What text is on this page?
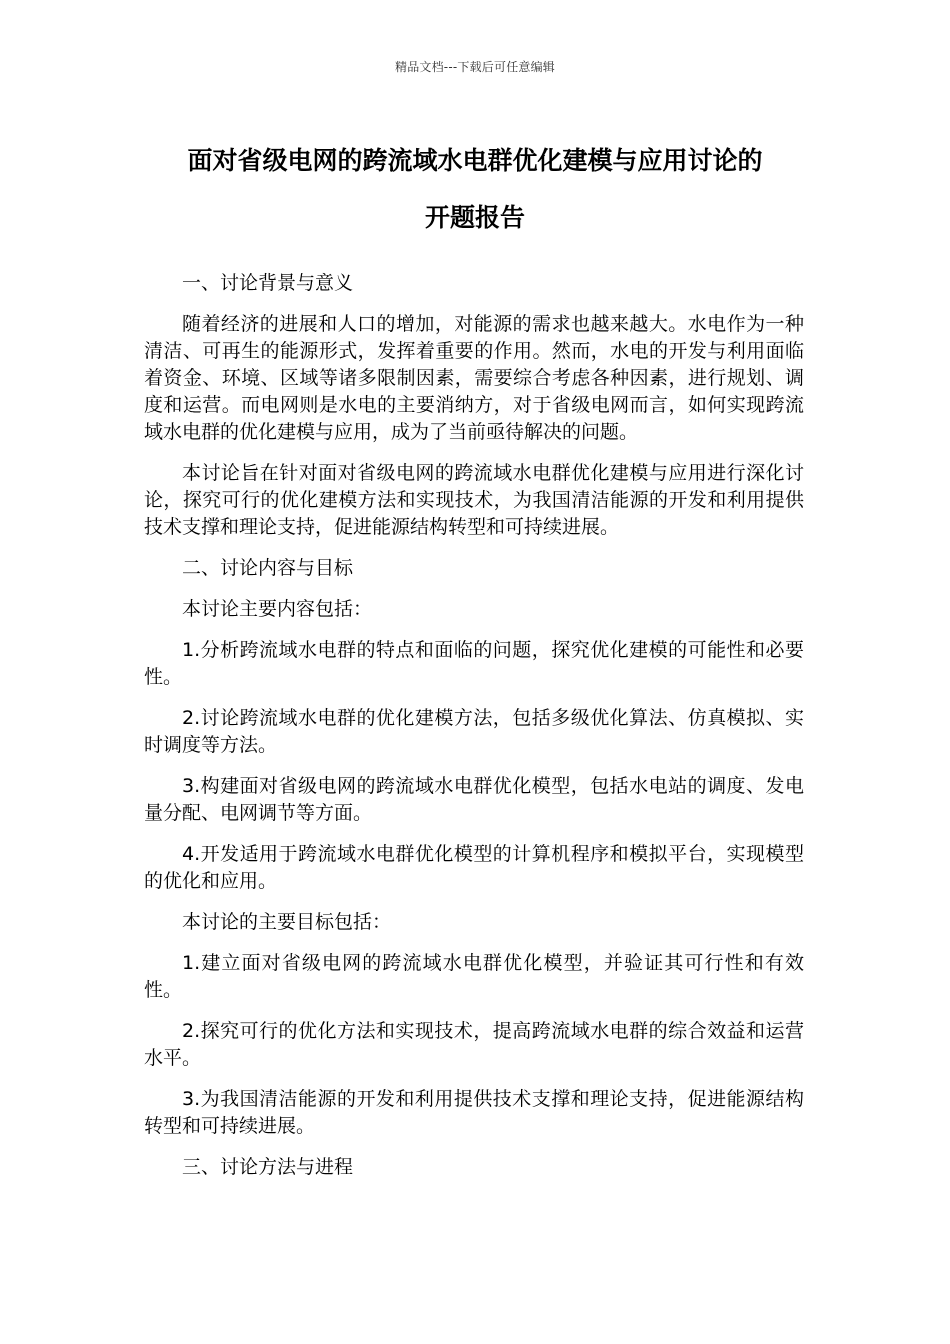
精品文档---下载后可任意编辑
面对省级电网的跨流域水电群优化建模与应用讨论的
开题报告

一、讨论背景与意义

随着经济的进展和人口的增加，对能源的需求也越来越大。水电作为一种清洁、可再生的能源形式，发挥着重要的作用。然而，水电的开发与利用面临着资金、环境、区域等诸多限制因素，需要综合考虑各种因素，进行规划、调度和运营。而电网则是水电的主要消纳方，对于省级电网而言，如何实现跨流域水电群的优化建模与应用，成为了当前亟待解决的问题。

本讨论旨在针对面对省级电网的跨流域水电群优化建模与应用进行深化讨论，探究可行的优化建模方法和实现技术，为我国清洁能源的开发和利用提供技术支撑和理论支持，促进能源结构转型和可持续进展。

二、讨论内容与目标

本讨论主要内容包括：

1.分析跨流域水电群的特点和面临的问题，探究优化建模的可能性和必要性。

2.讨论跨流域水电群的优化建模方法，包括多级优化算法、仿真模拟、实时调度等方法。

3.构建面对省级电网的跨流域水电群优化模型，包括水电站的调度、发电量分配、电网调节等方面。

4.开发适用于跨流域水电群优化模型的计算机程序和模拟平台，实现模型的优化和应用。

本讨论的主要目标包括：

1.建立面对省级电网的跨流域水电群优化模型，并验证其可行性和有效性。

2.探究可行的优化方法和实现技术，提高跨流域水电群的综合效益和运营水平。

3.为我国清洁能源的开发和利用提供技术支撑和理论支持，促进能源结构转型和可持续进展。

三、讨论方法与进程
